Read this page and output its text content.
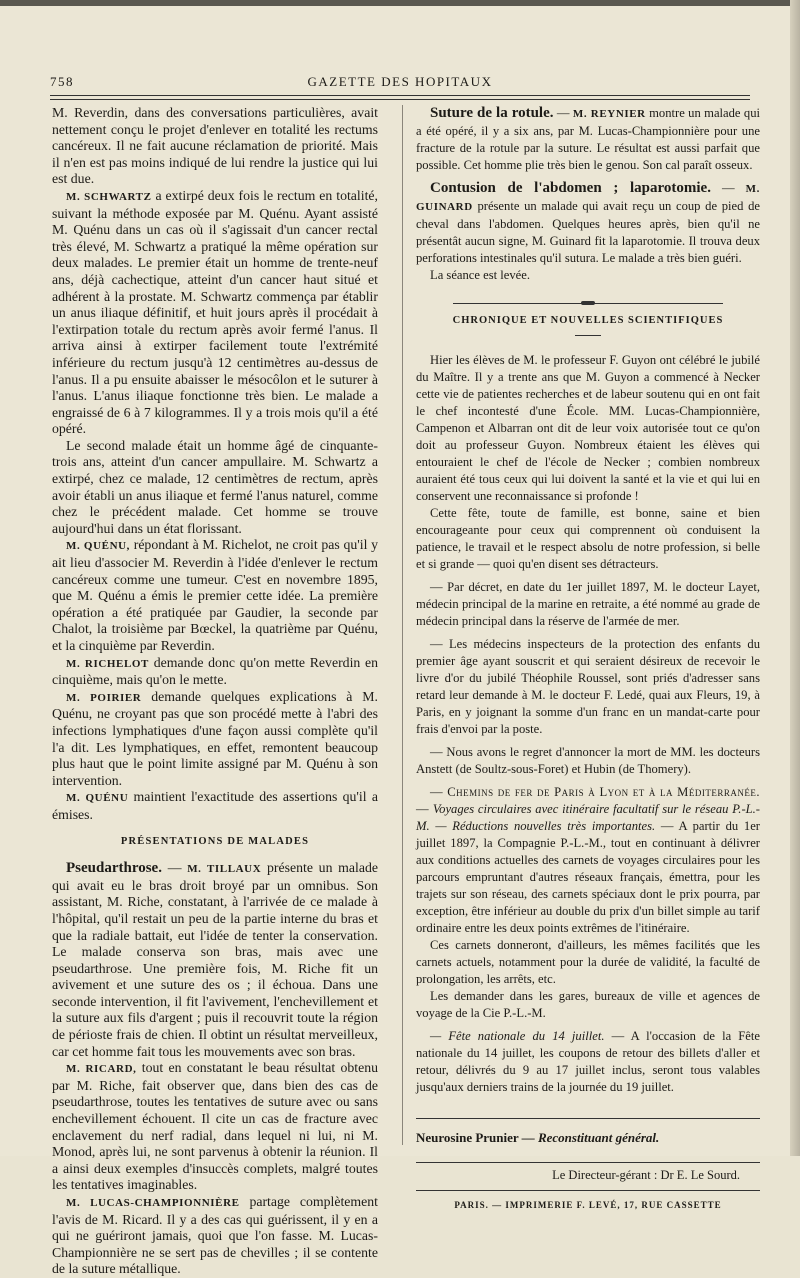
758	GAZETTE DES HOPITAUX

M. Reverdin, dans des conversations particulières, avait nettement conçu le projet d'enlever en totalité les rectums cancéreux. Il ne fait aucune réclamation de priorité. Mais il n'en est pas moins indiqué de lui rendre la justice qui lui est due.

M. SCHWARTZ a extirpé deux fois le rectum en totalité, suivant la méthode exposée par M. Quénu. Ayant assisté M. Quénu dans un cas où il s'agissait d'un cancer rectal très élevé, M. Schwartz a pratiqué la même opération sur deux malades. Le premier était un homme de trente-neuf ans, déjà cachectique, atteint d'un cancer haut situé et adhérent à la prostate. M. Schwartz commença par établir un anus iliaque définitif, et huit jours après il procédait à l'extirpation totale du rectum après avoir fermé l'anus. Il arriva ainsi à extirper facilement toute l'extrémité inférieure du rectum jusqu'à 12 centimètres au-dessus de l'anus. Il a pu ensuite abaisser le mésocôlon et le suturer à l'anus. L'anus iliaque fonctionne très bien. Le malade a engraissé de 6 à 7 kilogrammes. Il y a trois mois qu'il a été opéré.

Le second malade était un homme âgé de cinquante-trois ans, atteint d'un cancer ampullaire. M. Schwartz a extirpé, chez ce malade, 12 centimètres de rectum, après avoir établi un anus iliaque et fermé l'anus naturel, comme chez le précédent malade. Cet homme se trouve aujourd'hui dans un état florissant.

M. QUÉNU, répondant à M. Richelot, ne croit pas qu'il y ait lieu d'associer M. Reverdin à l'idée d'enlever le rectum cancéreux comme une tumeur. C'est en novembre 1895, que M. Quénu a émis le premier cette idée. La première opération a été pratiquée par Gaudier, la seconde par Chalot, la troisième par Bœckel, la quatrième par Quénu, et la cinquième par Reverdin.

M. RICHELOT demande donc qu'on mette Reverdin en cinquième, mais qu'on le mette.

M. POIRIER demande quelques explications à M. Quénu, ne croyant pas que son procédé mette à l'abri des infections lymphatiques d'une façon aussi complète qu'il l'a dit. Les lymphatiques, en effet, remontent beaucoup plus haut que le point limite assigné par M. Quénu à son intervention.

M. QUÉNU maintient l'exactitude des assertions qu'il a émises.

PRÉSENTATIONS DE MALADES

Pseudarthrose. — M. TILLAUX présente un malade qui avait eu le bras droit broyé par un omnibus. Son assistant, M. Riche, constatant, à l'arrivée de ce malade à l'hôpital, qu'il restait un peu de la partie interne du bras et que la radiale battait, eut l'idée de tenter la conservation. Le malade conserva son bras, mais avec une pseudarthrose. Une première fois, M. Riche fit un avivement et une suture des os ; il échoua. Dans une seconde intervention, il fit l'avivement, l'enchevillement et la suture aux fils d'argent ; puis il recouvrit toute la région de périoste frais de chien. Il obtint un résultat merveilleux, car cet homme fait tous les mouvements avec son bras.

M. RICARD, tout en constatant le beau résultat obtenu par M. Riche, fait observer que, dans bien des cas de pseudarthrose, toutes les tentatives de suture avec ou sans enchevillement échouent. Il cite un cas de fracture avec enclavement du nerf radial, dans lequel ni lui, ni M. Monod, après lui, ne sont parvenus à obtenir la réunion. Il a ainsi deux exemples d'insuccès complets, malgré toutes les tentatives imaginables.

M. LUCAS-CHAMPIONNIÈRE partage complètement l'avis de M. Ricard. Il y a des cas qui guérissent, il y en a qui ne guériront jamais, quoi que l'on fasse. M. Lucas-Championnière ne se sert pas de chevilles ; il se contente de la suture métallique.

Suture de la rotule. — M. REYNIER montre un malade qui a été opéré, il y a six ans, par M. Lucas-Championnière pour une fracture de la rotule par la suture. Le résultat est aussi parfait que possible. Cet homme plie très bien le genou. Son cal paraît osseux.

Contusion de l'abdomen ; laparotomie. — M. GUINARD présente un malade qui avait reçu un coup de pied de cheval dans l'abdomen. Quelques heures après, bien qu'il ne présentât aucun signe, M. Guinard fit la laparotomie. Il trouva deux perforations intestinales qu'il sutura. Le malade a très bien guéri.

La séance est levée.

CHRONIQUE ET NOUVELLES SCIENTIFIQUES

Hier les élèves de M. le professeur F. Guyon ont célébré le jubilé du Maître. Il y a trente ans que M. Guyon a commencé à Necker cette vie de patientes recherches et de labeur soutenu qui en ont fait le chef incontesté d'une École. MM. Lucas-Championnière, Campenon et Albarran ont dit de leur voix autorisée tout ce qu'on doit au professeur Guyon. Nombreux étaient les élèves qui entouraient le chef de l'école de Necker ; combien nombreux auraient été tous ceux qui lui doivent la santé et la vie et qui lui en conservent une reconnaissance si profonde !

Cette fête, toute de famille, est bonne, saine et bien encourageante pour ceux qui comprennent où conduisent la patience, le travail et le respect absolu de notre profession, si belle et si grande — quoi qu'en disent ses détracteurs.

— Par décret, en date du 1er juillet 1897, M. le docteur Layet, médecin principal de la marine en retraite, a été nommé au grade de médecin principal dans la réserve de l'armée de mer.

— Les médecins inspecteurs de la protection des enfants du premier âge ayant souscrit et qui seraient désireux de recevoir le livre d'or du jubilé Théophile Roussel, sont priés d'adresser sans retard leur demande à M. le docteur F. Ledé, quai aux Fleurs, 19, à Paris, en y joignant la somme d'un franc en un mandat-carte pour frais d'envoi par la poste.

— Nous avons le regret d'annoncer la mort de MM. les docteurs Anstett (de Soultz-sous-Foret) et Hubin (de Thomery).

— Chemins de fer de Paris à Lyon et à la Méditerranée. — Voyages circulaires avec itinéraire facultatif sur le réseau P.-L.-M. — Réductions nouvelles très importantes. — A partir du 1er juillet 1897, la Compagnie P.-L.-M., tout en continuant à délivrer aux conditions actuelles des carnets de voyages circulaires pour les parcours empruntant d'autres réseaux français, émettra, pour les trajets sur son réseau, des carnets spéciaux dont le prix pourra, par exception, être inférieur au double du prix d'un billet simple au tarif ordinaire entre les deux points extrêmes de l'itinéraire.

Ces carnets donneront, d'ailleurs, les mêmes facilités que les carnets actuels, notamment pour la durée de validité, la faculté de prolongation, les arrêts, etc.

Les demander dans les gares, bureaux de ville et agences de voyage de la Cie P.-L.-M.

— Fête nationale du 14 juillet. — A l'occasion de la Fête nationale du 14 juillet, les coupons de retour des billets d'aller et retour, délivrés du 9 au 17 juillet inclus, seront tous valables jusqu'aux derniers trains de la journée du 19 juillet.

Neurosine Prunier — Reconstituant général.

Le Directeur-gérant : Dr E. Le Sourd.
PARIS. — IMPRIMERIE F. LEVÉ, 17, RUE CASSETTE
